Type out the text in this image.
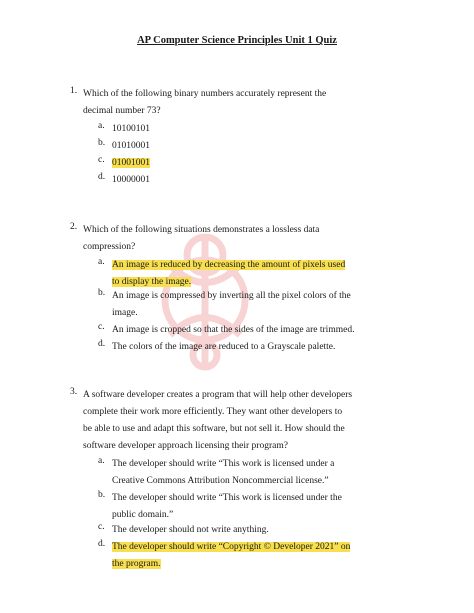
AP Computer Science Principles Unit 1 Quiz
1. Which of the following binary numbers accurately represent the decimal number 73?
a. 10100101
b. 01010001
c. 01001001
d. 10000001
2. Which of the following situations demonstrates a lossless data compression?
a. An image is reduced by decreasing the amount of pixels used to display the image.
b. An image is compressed by inverting all the pixel colors of the image.
c. An image is cropped so that the sides of the image are trimmed.
d. The colors of the image are reduced to a Grayscale palette.
3. A software developer creates a program that will help other developers complete their work more efficiently. They want other developers to be able to use and adapt this software, but not sell it. How should the software developer approach licensing their program?
a. The developer should write “This work is licensed under a Creative Commons Attribution Noncommercial license.”
b. The developer should write “This work is licensed under the public domain.”
c. The developer should not write anything.
d. The developer should write “Copyright © Developer 2021” on the program.
